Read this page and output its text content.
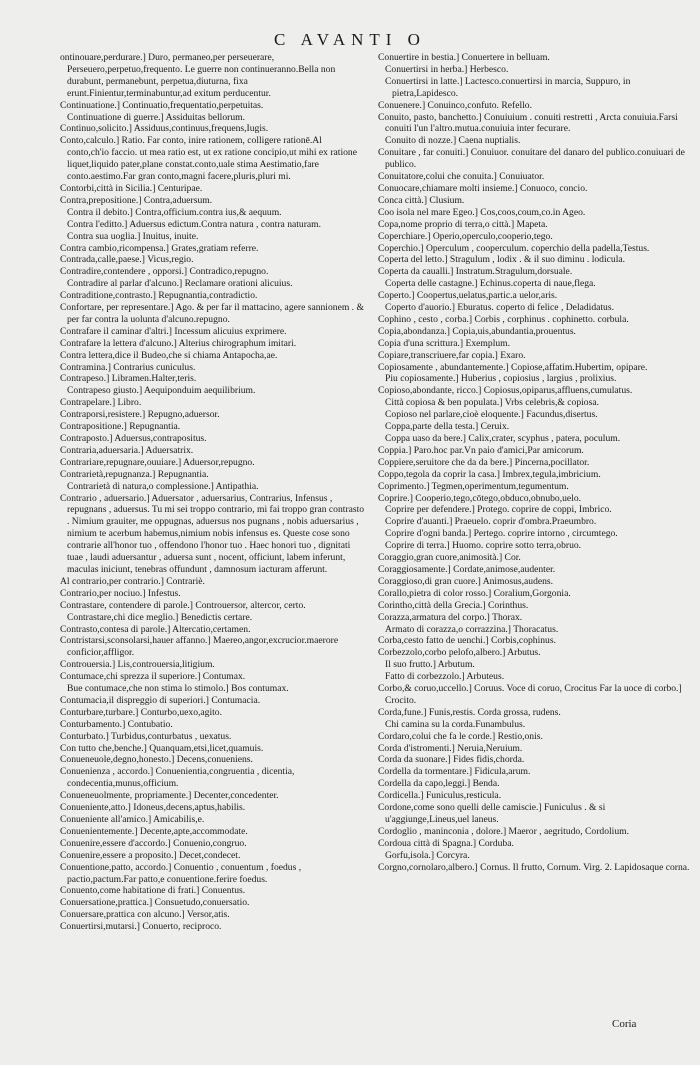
C AVANTI O

ontinouare,perdurare.] Duro, permaneo,per perseuerare, Perseuero,perpetuo,frequento. Le guerre non continueranno.Bella non durabunt, permanebunt, perpetua,diuturna, fixa erunt.Finientur,terminabuntur,ad exitum perducentur.

Continuatione.] Continuatio,frequentatio,perpetuitas.

Continuatione di guerre.] Assiduitas bellorum.

Continuo,solicito.] Assiduus,continuus,frequens,Iugis.

Conto,calculo.] Ratio. Far conto, inire rationem, colligere rationē.Al conto,ch'io faccio. ut mea ratio est, ut ex ratione concipio,ut mihi ex ratione liquet,liquido pater,plane constat.conto,uale stima Aestimatio,fare conto.aestimo.Far gran conto,magni facere,pluris,pluri mi.

Contorbi,città in Sicilia.] Centuripae.

Contra,prepositione.] Contra,aduersum.

Contra il debito.] Contra,officium.contra ius,& aequum.

Contra l'editto.] Aduersus edictum.Contra natura , contra naturam.

Contra sua uoglia.] Inuitus, inuite.

Contra cambio,ricompensa.] Grates,gratiam referre.

Contrada,calle,paese.] Vicus,regio.

Contradire,contendere , opporsi.] Contradico,repugno.

Contradire al parlar d'alcuno.] Reclamare orationi alicuius.

Contraditione,contrasto.] Repugnantia,contradictio.

Confortare, per representare.] Ago. & per far il mattacino, agere sannionem . & per far contra la uolunta d'alcuno.repugno.

Contrafare il caminar d'altri.] Incessum alicuius exprimere.

Contrafare la lettera d'alcuno.] Alterius chirographum imitari.

Contra lettera,dice il Budeo,che si chiama Antapocha,ae.

Contramina.] Contrarius cuniculus.

Contrapeso.] Libramen.Halter,teris.

Contrapeso giusto.] Aequiponduim aequilibrium.

Contrapelare.] Libro.

Contraporsi,resistere.] Repugno,aduersor.

Contrapositione.] Repugnantia.

Contraposto.] Aduersus,contrapositus.

Contraria,aduersaria.] Aduersatrix.

Contrariare,repugnare,ouuiare.] Aduersor,repugno.

Contrarietà,repugnanza.] Repugnantia.

Contrarietà di natura,o complessione.] Antipathia.

Contrario , aduersario.] Aduersator , aduersarius, Contrarius, Infensus , repugnans , aduersus. Tu mi sei troppo contrario, mi fai troppo gran contrasto . Nimium grauiter, me oppugnas, aduersus nos pugnans , nobis aduersarius , nimium te acerbum habemus,nimium nobis infensus es. Queste cose sono contrarie all'honor tuo , offendono l'honor tuo . Haec honori tuo , dignitati tuae , laudi aduersantur , aduersa sunt , nocent, officiunt, labem inferunt, maculas iniciunt, tenebras offundunt , damnosum iacturam afferunt.

Al contrario,per contrario.] Contrariè.

Contrario,per nociuo.] Infestus.

Contrastare, contendere di parole.] Controuersor, altercor, certo.

Contrastare,chi dice meglio.] Benedictis certare.

Contrasto,contesa di parole.] Altercatio,certamen.

Contristarsi,sconsolarsi,hauer affanno.] Maereo,angor,excrucior.maerore conficior,affligor.

Controuersia.] Lis,controuersia,litigium.

Contumace,chi sprezza il superiore.] Contumax.

Bue contumace,che non stima lo stimolo.] Bos contumax.

Contumacia,il dispreggio di superiori.] Contumacia.

Conturbare,turbare.] Conturbo,uexo,agito.

Conturbamento.] Contubatio.

Conturbato.] Turbidus,conturbatus , uexatus.

Con tutto che,benche.] Quanquam,etsi,licet,quamuis.

Conueneuole,degno,honesto.] Decens,conueniens.

Conuenienza , accordo.] Conuenientia,congruentia , dicentia, condecentia,munus,officium.

Conueneuolmente, propriamente.] Decenter,concedenter.

Conueniente,atto.] Idoneus,decens,aptus,habilis.

Conueniente all'amico.] Amicabilis,e.

Conuenientemente.] Decente,apte,accommodate.

Conuenire,essere d'accordo.] Conuenio,congruo.

Conuenire,essere a proposito.] Decet,condecet.

Conuentione,patto, accordo.] Conuentio , conuentum , foedus , pactio,pactum.Far patto,e conuentione.ferire foedus.

Conuento,come habitatione di frati.] Conuentus.

Conuersatione,prattica.] Consuetudo,conuersatio.

Conuersare,prattica con alcuno.] Versor,atis.

Conuertirsi,mutarsi.] Conuerto, reciproco.

Conuertire in bestia.] Conuertere in belluam.

Conuertirsi in herba.] Herbesco.

Conuertirsi in latte.] Lactesco.conuertirsi in marcia, Suppuro, in pietra,Lapidesco.

Conuenere.] Conuinco,confuto. Refello.

Conuito, pasto, banchetto.] Conuiuium . conuiti restretti , Arcta conuiuia.Farsi conuiti l'un l'altro.mutua.conuiuia inter fecurare.

Conuito di nozze.] Caena nuptialis.

Conuitare , far conuiti.] Conuiuor. conuitare del danaro del publico.conuiuari de publico.

Conuitatore,colui che conuita.] Conuiuator.

Conuocare,chiamare molti insieme.] Conuoco, concio.

Conca città.] Clusium.

Coo isola nel mare Egeo.] Cos,coos,coum,co.in Ageo.

Copa,nome proprio di terra,o città.] Mapeta.

Coperchiare.] Operio,operculo,cooperio,tego.

Coperchio.] Operculum , cooperculum. coperchio della padella,Testus.

Coperta del letto.] Stragulum , lodix . & il suo diminu . lodicula.

Coperta da caualli.] Instratum.Stragulum,dorsuale.

Coperta delle castagne.] Echinus.coperta di naue,flega.

Coperto.] Coopertus,uelatus,partic.a uelor,aris.

Coperto d'auorio.] Eburatus. coperto di felice , Deladidatus.

Cophino , cesto , corba.] Corbis , corphinus . cophinetto. corbula.

Copia,abondanza.] Copia,uis,abundantia,prouentus.

Copia d'una scrittura.] Exemplum.

Copiare,transcriuere,far copia.] Exaro.

Copiosamente , abundantemente.] Copiose,affatim.Hubertim, opipare.

Piu copiosamente.] Huberius , copiosius , largius , prolixius.

Copioso,abondante, ricco.] Copiosus,opiparus,affluens,cumulatus.

Città copiosa & ben populata.] Vrbs celebris,& copiosa.

Copioso nel parlare,cioè eloquente.] Facundus,disertus.

Coppa,parte della testa.] Ceruix.

Coppa uaso da bere.] Calix,crater, scyphus , patera, poculum.

Coppia.] Paro.hoc par.Vn paio d'amici,Par amicorum.

Coppiere,seruitore che da da bere.] Pincerna,pocillator.

Coppo,tegola da coprir la casa.] Imbrex,tegula,imbricium.

Coprimento.] Tegmen,operimentum,tegumentum.

Coprire.] Cooperio,tego,cōtego,obduco,obnubo,uelo.

Coprire per defendere.] Protego. coprire de coppi, Imbrico.

Coprire d'auanti.] Praeuelo. coprir d'ombra.Praeumbro.

Coprire d'ogni banda.] Pertego. coprire intorno , circumtego.

Coprire di terra.] Huomo. coprire sotto terra,obruo.

Coraggio,gran cuore,animosità.] Cor.

Coraggiosamente.] Cordate,animose,audenter.

Coraggioso,di gran cuore.] Animosus,audens.

Corallo,pietra di color rosso.] Coralium,Gorgonia.

Corintho,città della Grecia.] Corinthus.

Corazza,armatura del corpo.] Thorax.

Armato di corazza,o corrazzina.] Thoracatus.

Corba,cesto fatto de uenchi.] Corbis,cophinus.

Corbezzolo,corbo pelofo,albero.] Arbutus.

Il suo frutto.] Arbutum.

Fatto di corbezzolo.] Arbuteus.

Corbo,& coruo,uccello.] Coruus. Voce di coruo, Crocitus Far la uoce di corbo.] Crocito.

Corda,fune.] Funis,restis. Corda grossa, rudens.

Chi camina su la corda.Funambulus.

Cordaro,colui che fa le corde.] Restio,onis.

Corda d'istromenti.] Neruia,Neruium.

Corda da suonare.] Fides fidis,chorda.

Cordella da tormentare.] Fidicula,arum.

Cordella da capo,leggi.] Benda.

Cordicella.] Funiculus,resticula.

Cordone,come sono quelli delle camiscie.] Funiculus . & si u'aggiunge,Lineus,uel laneus.

Cordoglio , maninconia , dolore.] Maeror , aegritudo, Cordolium.

Cordoua città di Spagna.] Corduba.

Gorfu,isola.] Corcyra.

Corgno,cornolaro,albero.] Cornus. Il frutto, Cornum. Virg. 2. Lapidosaque corna.

Coria
